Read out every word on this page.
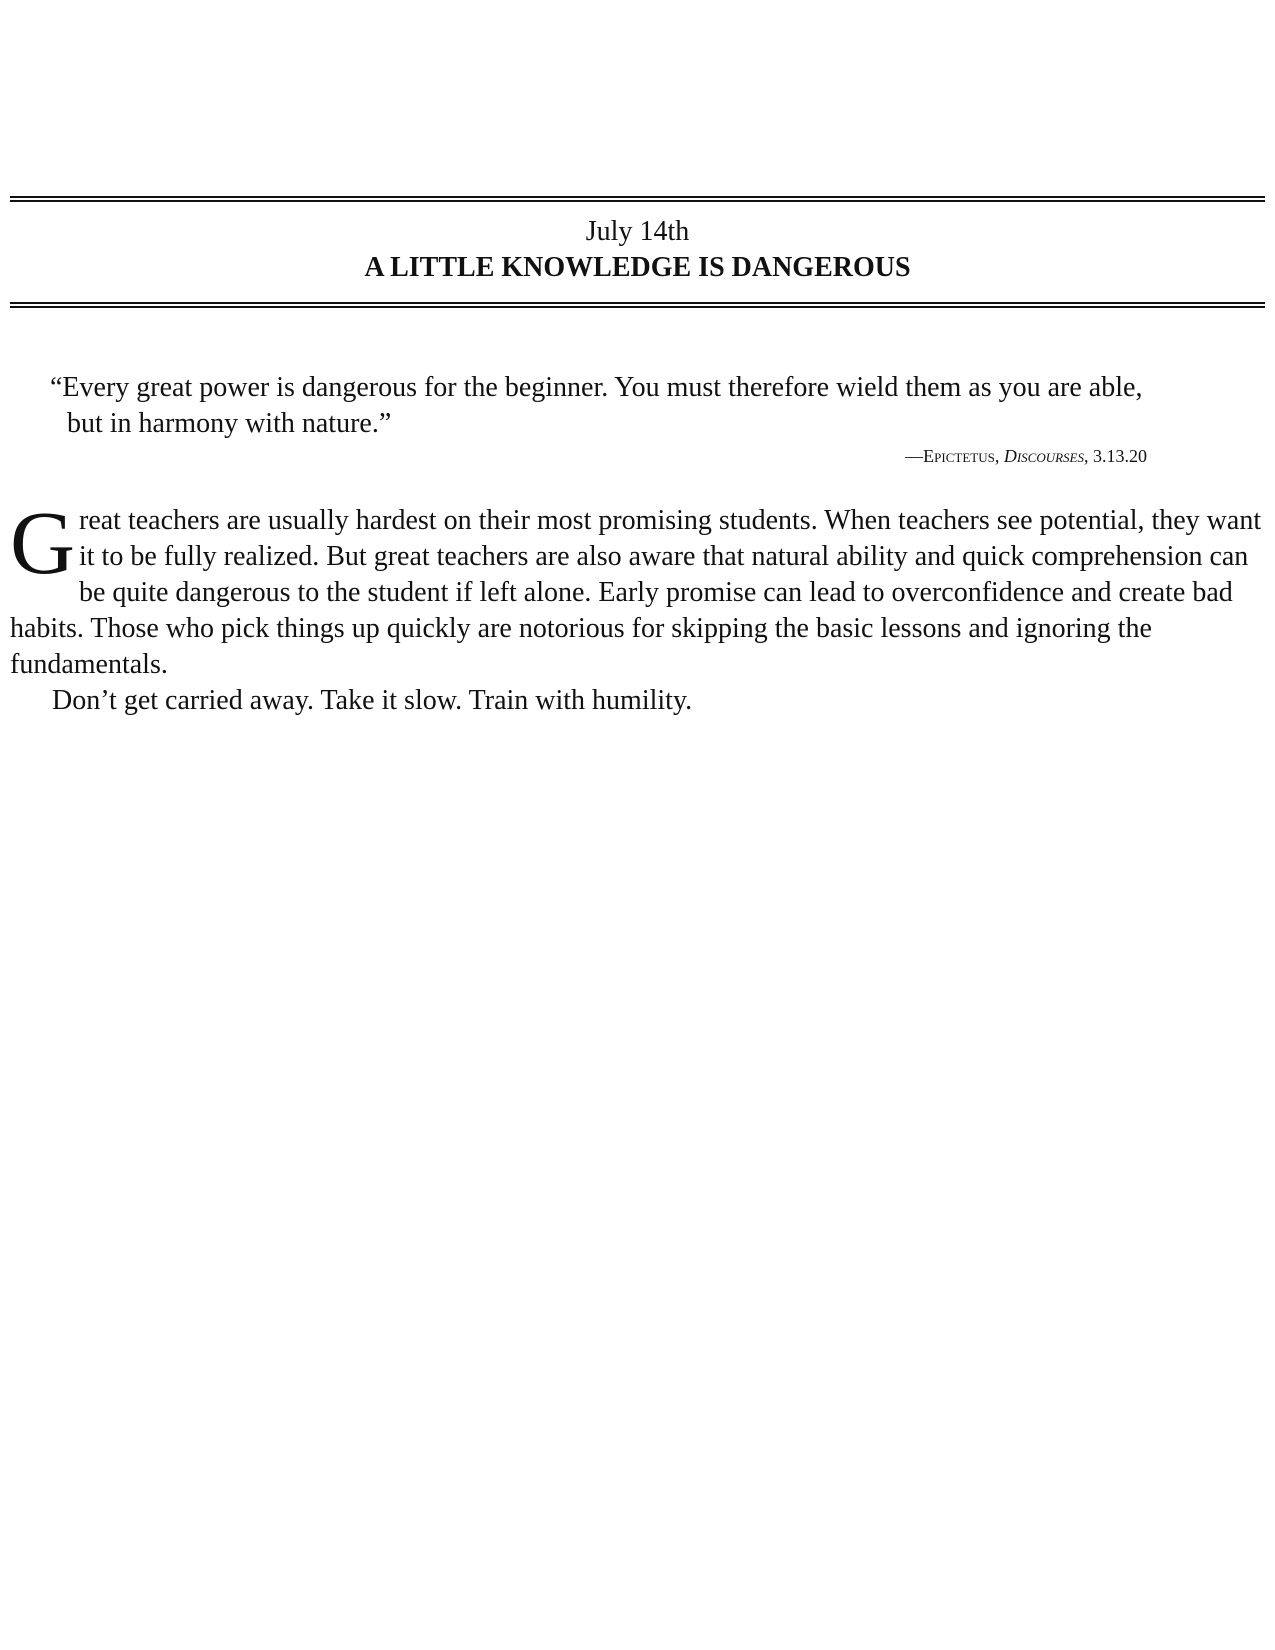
July 14th
A LITTLE KNOWLEDGE IS DANGEROUS
“Every great power is dangerous for the beginner. You must therefore wield them as you are able,
but in harmony with nature.”
—Epictetus, Discourses, 3.13.20

Great teachers are usually hardest on their most promising students. When teachers see potential, they want it to be fully realized. But great teachers are also aware that natural ability and quick comprehension can be quite dangerous to the student if left alone. Early promise can lead to overconfidence and create bad habits. Those who pick things up quickly are notorious for skipping the basic lessons and ignoring the fundamentals.

Don’t get carried away. Take it slow. Train with humility.
